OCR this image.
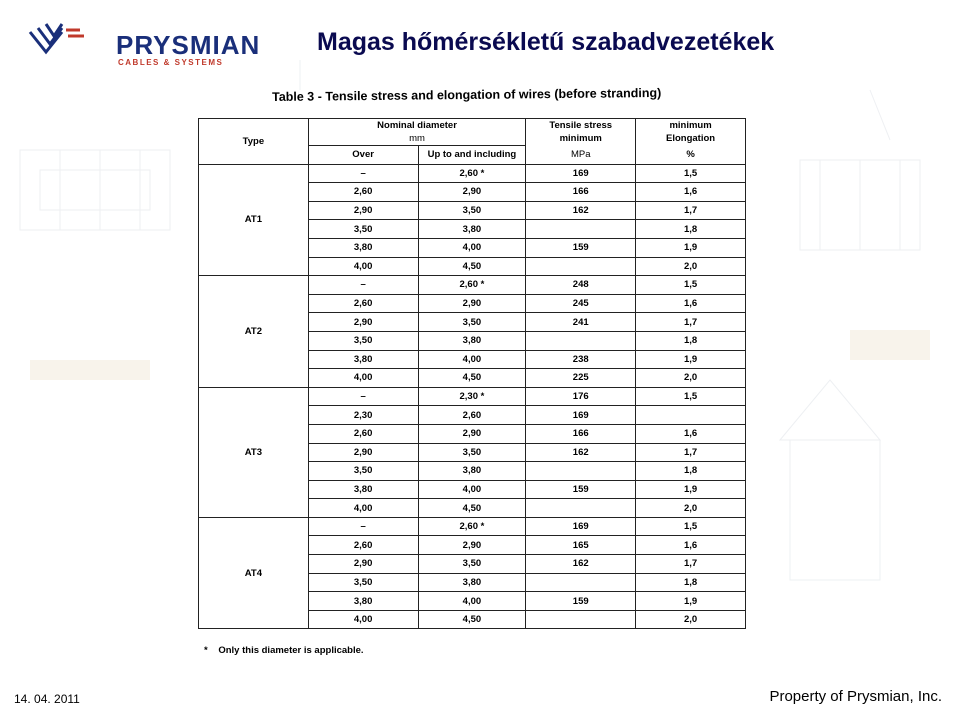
PRYSMIAN
CABLES & SYSTEMS
Magas hőmérsékletű szabadvezetékek
Table 3 - Tensile stress and elongation of wires (before stranding)
Type	Nominal diameter		Tensile stress	minimum
	mm		minimum	Elongation
	Over	Up to and including	MPa	%
AT1	–	2,60 *	169	1,5
	2,60	2,90	166	1,6
	2,90	3,50	162	1,7
	3,50	3,80		1,8
	3,80	4,00	159	1,9
	4,00	4,50		2,0
AT2	–	2,60 *	248	1,5
	2,60	2,90	245	1,6
	2,90	3,50	241	1,7
	3,50	3,80		1,8
	3,80	4,00	238	1,9
	4,00	4,50	225	2,0
AT3	–	2,30 *	176	1,5
	2,30	2,60	169	
	2,60	2,90	166	1,6
	2,90	3,50	162	1,7
	3,50	3,80		1,8
	3,80	4,00	159	1,9
	4,00	4,50		2,0
AT4	–	2,60 *	169	1,5
	2,60	2,90	165	1,6
	2,90	3,50	162	1,7
	3,50	3,80		1,8
	3,80	4,00	159	1,9
	4,00	4,50		2,0
* Only this diameter is applicable.
14. 04. 2011	Property of Prysmian, Inc.
